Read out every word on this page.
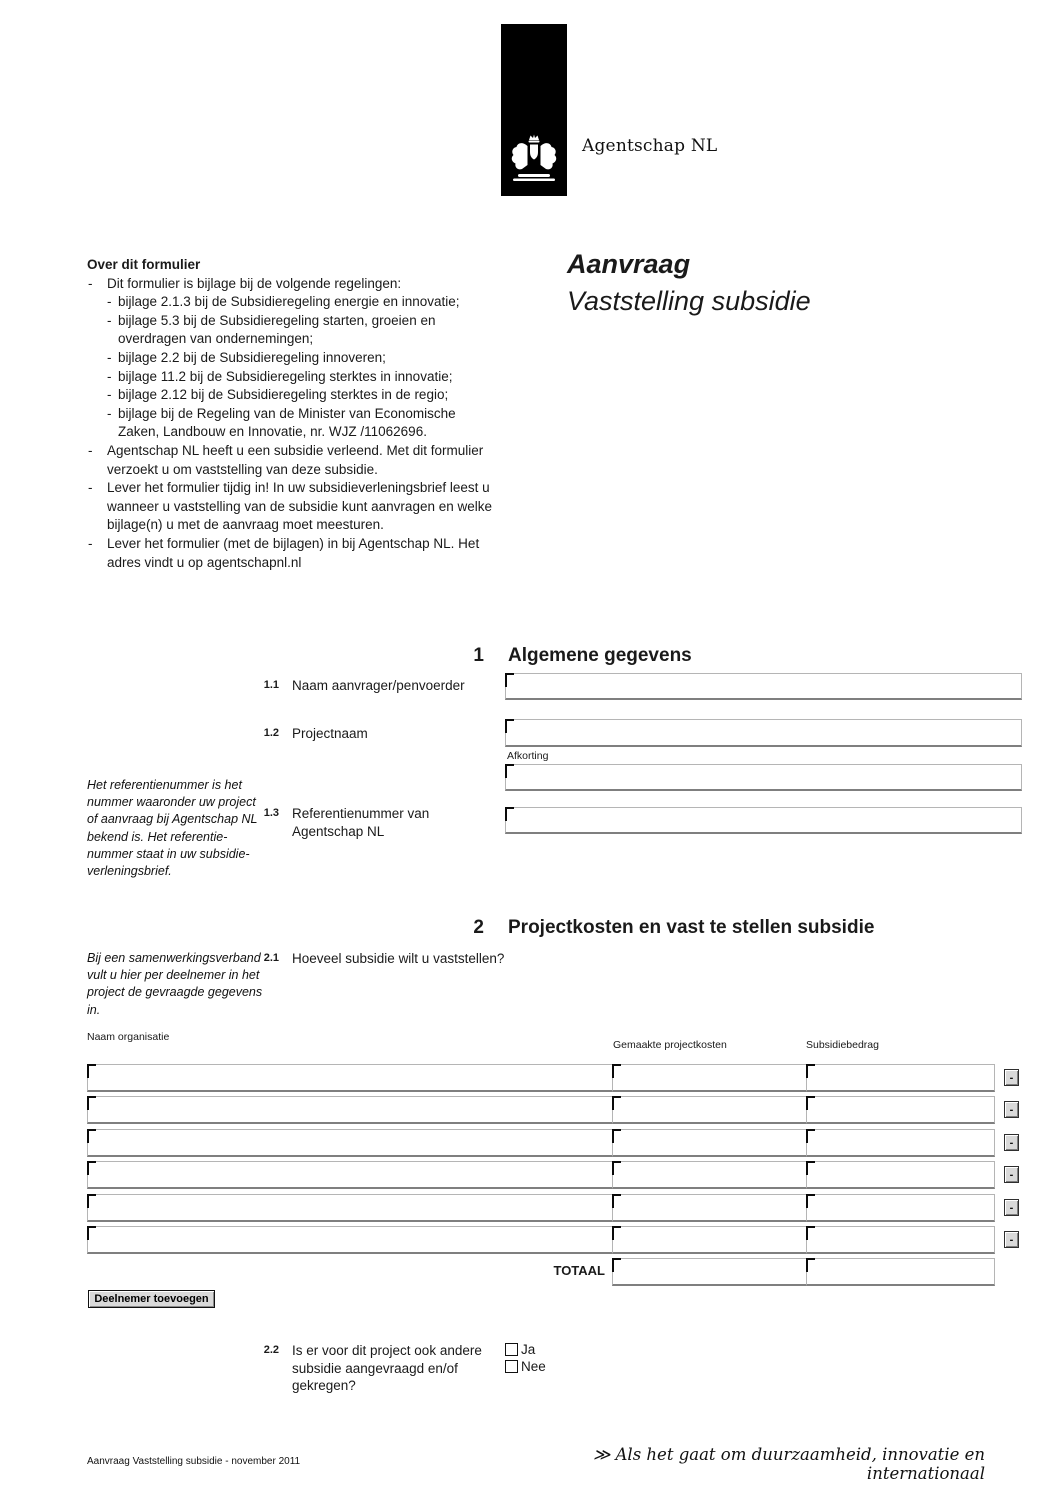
Agentschap NL
Over dit formulier
- Dit formulier is bijlage bij de volgende regelingen:
- bijlage 2.1.3 bij de Subsidieregeling energie en innovatie;
- bijlage 5.3 bij de Subsidieregeling starten, groeien en overdragen van ondernemingen;
- bijlage 2.2 bij de Subsidieregeling innoveren;
- bijlage 11.2 bij de Subsidieregeling sterktes in innovatie;
- bijlage 2.12 bij de Subsidieregeling sterktes in de regio;
- bijlage bij de Regeling van de Minister van Economische Zaken, Landbouw en Innovatie, nr. WJZ /11062696.
- Agentschap NL heeft u een subsidie verleend. Met dit formulier verzoekt u om vaststelling van deze subsidie.
- Lever het formulier tijdig in! In uw subsidieverleningsbrief leest u wanneer u vaststelling van de subsidie kunt aanvragen en welke bijlage(n) u met de aanvraag moet meesturen.
- Lever het formulier (met de bijlagen) in bij Agentschap NL. Het adres vindt u op agentschapnl.nl
Aanvraag
Vaststelling subsidie
1 Algemene gegevens
1.1 Naam aanvrager/penvoerder
1.2 Projectnaam
Afkorting
Het referentienummer is het nummer waaronder uw project of aanvraag bij Agentschap NL bekend is. Het referentie-nummer staat in uw subsidie-verleningsbrief.
1.3 Referentienummer van Agentschap NL
2 Projectkosten en vast te stellen subsidie
Bij een samenwerkingsverband vult u hier per deelnemer in het project de gevraagde gegevens in.
2.1 Hoeveel subsidie wilt u vaststellen?
Naam organisatie
Gemaakte projectkosten	Subsidiebedrag
-
-
-
-
-
-
TOTAAL
Deelnemer toevoegen
2.2 Is er voor dit project ook andere subsidie aangevraagd en/of gekregen?
Ja
Nee
Aanvraag Vaststelling subsidie - november 2011	≫ Als het gaat om duurzaamheid, innovatie en internationaal
